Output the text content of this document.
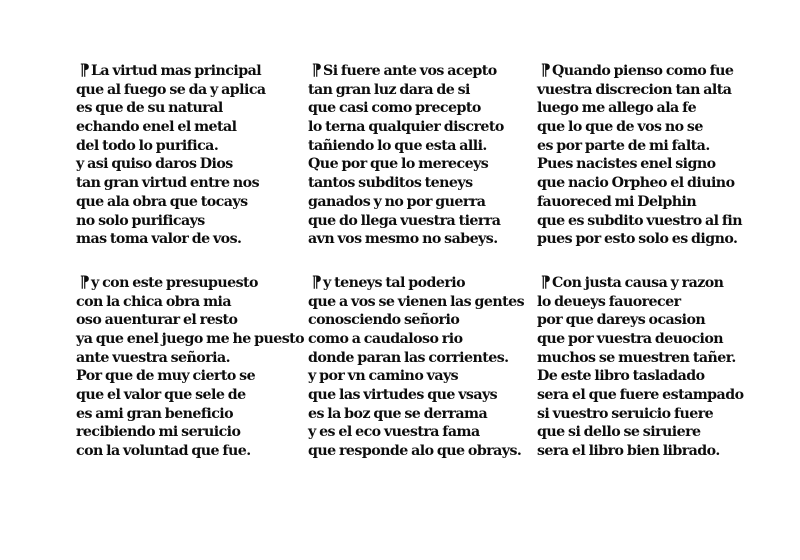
¶La virtud mas principal
que al fuego se da y aplica
es que de su natural
echando enel el metal
del todo lo purifica.
y asi quiso daros Dios
tan gran virtud entre nos
que ala obra que tocays
no solo purificays
mas toma valor de vos.
¶y con este presupuesto
con la chica obra mia
oso auenturar el resto
ya que enel juego me he puesto
ante vuestra señoria.
Por que de muy cierto se
que el valor que sele de
es ami gran beneficio
recibiendo mi seruicio
con la voluntad que fue.
¶Si fuere ante vos acepto
tan gran luz dara de si
que casi como precepto
lo terna qualquier discreto
tañiendo lo que esta alli.
Que por que lo mereceys
tantos subditos teneys
ganados y no por guerra
que do llega vuestra tierra
avn vos mesmo no sabeys.
¶y teneys tal poderio
que a vos se vienen las gentes
conosciendo señorio
como a caudaloso rio
donde paran las corrientes.
y por vn camino vays
que las virtudes que vsays
es la boz que se derrama
y es el eco vuestra fama
que responde alo que obrays.
¶Quando pienso como fue
vuestra discrecion tan alta
luego me allego ala fe
que lo que de vos no se
es por parte de mi falta.
Pues nacistes enel signo
que nacio Orpheo el diuino
fauoreced mi Delphin
que es subdito vuestro al fin
pues por esto solo es digno.
¶Con justa causa y razon
lo deueys fauorecer
por que dareys ocasion
que por vuestra deuocion
muchos se muestren tañer.
De este libro tasladado
sera el que fuere estampado
si vuestro seruicio fuere
que si dello se siruiere
sera el libro bien librado.
